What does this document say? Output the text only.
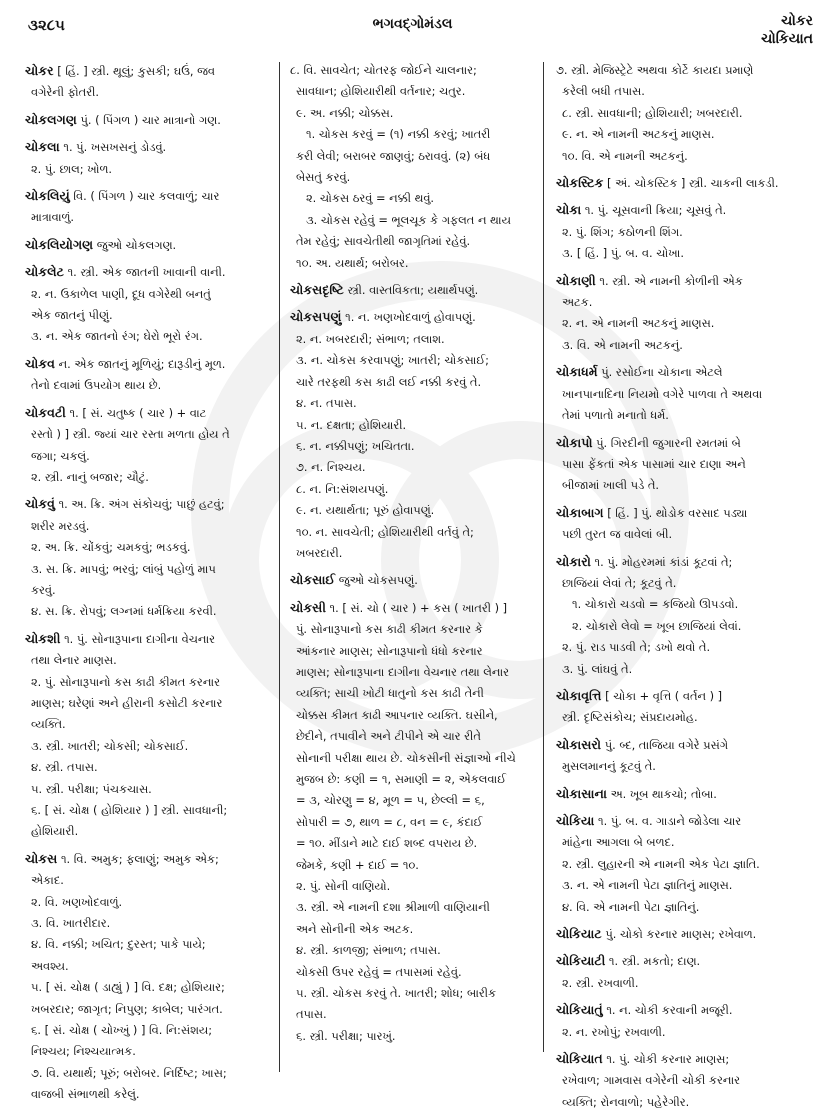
૩૨૮૫	ભગવદ્ગોમંડલ	ચોકર
ચોકિયાત
ચોકર [ હિં. ] સ્ત્રી. થૂલું; કુસકી; ઘઉં, જવ
વગેરેની ફોતરી.
ચોકલગણ પું. ( પિંગળ ) ચાર માત્રાનો ગણ.
ચોકલા ૧. પું. ખસખસનું ડોડવું.
૨. પું. છાલ; ખોળ.
ચોકલિયું વિ. ( પિંગળ ) ચાર કલવાળું; ચાર
માત્રાવાળું.
ચોકલિયોગણ જુઓ ચોકલગણ.
ચોકલેટ ૧. સ્ત્રી. એક જાતની ખાવાની વાની.
૨. ન. ઉકાળેલ પાણી, દૂધ વગેરેથી બનતું
એક જાતનું પીણું.
૩. ન. એક જાતનો રંગ; ઘેરો ભૂરો રંગ.
ચોકવ ન. એક જાતનું મૂળિયું; દારૂડીનું મૂળ.
તેનો દવામાં ઉપયોગ થાય છે.
ચોકવટી ૧. [ સં. ચતુષ્ક ( ચાર ) + વાટ
રસ્તો ) ] સ્ત્રી. જ્યાં ચાર રસ્તા મળતા હોય તે
જગા; ચકલું.
૨. સ્ત્રી. નાનું બજાર; ચૌટું.
ચોકવું ૧. અ. ક્રિ. અંગ સંકોચવું; પાછું હટવું;
શરીર મરડવું.
૨. અ. ક્રિ. ચોંકવું; ચમકવું; ભડકવું.
૩. સ. ક્રિ. માપવું; ભરવું; લાંબું પહોળું માપ
કરવું.
૪. સ. ક્રિ. રોપવું; લગ્નમાં ધર્મક્રિયા કરવી.
ચોકશી ૧. પું. સોનારૂપાના દાગીના વેચનાર
તથા લેનાર માણસ.
૨. પું. સોનારૂપાનો કસ કાઢી કીમત કરનાર
માણસ; ઘરેણાં અને હીરાની કસોટી કરનાર
વ્યક્તિ.
૩. સ્ત્રી. ખાતરી; ચોકસી; ચોકસાઈ.
૪. સ્ત્રી. તપાસ.
૫. સ્ત્રી. પરીક્ષા; પંચકચાસ.
૬. [ સં. ચોક્ષ ( હોશિયાર ) ] સ્ત્રી. સાવધાની;
હોશિયારી.
ચોકસ ૧. વિ. અમુક; ફલાણું; અમુક એક;
એકાદ.
૨. વિ. ખણખોદવાળું.
૩. વિ. ખાતરીદાર.
૪. વિ. નક્કી; ખચિત; દુરસ્ત; પાકે પાયે;
અવશ્ય.
૫. [ સં. ચોક્ષ ( ડાહ્યું ) ] વિ. દક્ષ; હોશિયાર;
ખબરદાર; જાગૃત; નિપુણ; કાબેલ; પારંગત.
૬. [ સં. ચોક્ષ ( ચોખ્ખું ) ] વિ. નિ:સંશય;
નિશ્ચય; નિશ્ચયાત્મક.
૭. વિ. યથાર્થ; પૂરું; બરોબર. નિર્દિષ્ટ; ખાસ;
વાજબી સંભાળથી કરેલું.
૮. વિ. સાવચેત; ચોતરફ જોઈને ચાલનાર;
સાવધાન; હોશિયારીથી વર્તનાર; ચતુર.
૯. અ. નક્કી; ચોક્કસ.
૧. ચોકસ કરવું = (૧) નક્કી કરવું; ખાતરી
કરી લેવી; બરાબર જાણવું; ઠરાવવું. (૨) બંધ
બેસતું કરવું.
૨. ચોકસ ઠરવું = નક્કી થવું.
૩. ચોકસ રહેવું = ભૂલચૂક કે ગફલત ન થાય
તેમ રહેવું; સાવચેતીથી જાગૃતિમાં રહેવું.
૧૦. અ. યથાર્થ; બરોબર.
ચોકસદૃષ્ટિ સ્ત્રી. વાસ્તવિકતા; યથાર્થપણું.
ચોકસપણું ૧. ન. ખણખોદવાળું હોવાપણું.
૨. ન. ખબરદારી; સંભાળ; તલાશ.
૩. ન. ચોકસ કરવાપણું; ખાતરી; ચોકસાઈ;
ચારે તરફથી કસ કાઢી લઈ નક્કી કરવું તે.
૪. ન. તપાસ.
૫. ન. દક્ષતા; હોશિયારી.
૬. ન. નક્કીપણું; ખચિતતા.
૭. ન. નિશ્ચય.
૮. ન. નિ:સંશયપણું.
૯. ન. યથાર્થતા; પૂરું હોવાપણું.
૧૦. ન. સાવચેતી; હોશિયારીથી વર્તવું તે;
ખબરદારી.
ચોકસાઈ જુઓ ચોકસપણું.
ચોકસી ૧. [ સં. ચો ( ચાર ) + કસ ( ખાતરી ) ]
પું. સોનારૂપાનો કસ કાઢી કીમત કરનાર કે
આંકનાર માણસ; સોનારૂપાનો ધંધો કરનાર
માણસ; સોનારૂપાના દાગીના વેચનાર તથા લેનાર
વ્યક્તિ; સાચી ખોટી ધાતુનો કસ કાઢી તેની
ચોક્કસ કીમત કાઢી આપનાર વ્યક્તિ. ઘસીને,
છેદીને, તપાવીને અને ટીપીને એ ચાર રીતે
સોનાની પરીક્ષા થાય છે. ચોકસીની સંજ્ઞાઓ નીચે
મુજબ છે: કણી = ૧, સમાણી = ૨, એકલવાઈ
= ૩, ચોરણુ = ૪, મૂળ = ૫, છેલ્લી = ૬,
સોપારી = ૭, થાળ = ૮, વન = ૯, કંદાઈ
= ૧૦. મીંડાને માટે દાઈ શબ્દ વપરાય છે.
જેમકે, કણી + દાઈ = ૧૦.
૨. પું. સોની વાણિયો.
૩. સ્ત્રી. એ નામની દશા શ્રીમાળી વાણિયાની
અને સોનીની એક અટક.
૪. સ્ત્રી. કાળજી; સંભાળ; તપાસ.
ચોકસી ઉપર રહેવું = તપાસમાં રહેવું.
૫. સ્ત્રી. ચોકસ કરવું તે. ખાતરી; શોધ; બારીક
તપાસ.
૬. સ્ત્રી. પરીક્ષા; પારખું.
૭. સ્ત્રી. મેજિસ્ટ્રેટે અથવા કોર્ટે કાયદા પ્રમાણે
કરેલી બધી તપાસ.
૮. સ્ત્રી. સાવધાની; હોશિયારી; ખબરદારી.
૯. ન. એ નામની અટકનું માણસ.
૧૦. વિ. એ નામની અટકનું.
ચોકસ્ટિક [ અં. ચોકસ્ટિક ] સ્ત્રી. ચાકની લાકડી.
ચોકા ૧. પું. ચૂસવાની ક્રિયા; ચૂસવું તે.
૨. પું. શિંગ; કઠોળની શિંગ.
૩. [ હિં. ] પું. બ. વ. ચોખા.
ચોકાણી ૧. સ્ત્રી. એ નામની કોળીની એક
અટક.
૨. ન. એ નામની અટકનું માણસ.
૩. વિ. એ નામની અટકનું.
ચોકાધર્મ પું. રસોઈના ચોકાના એટલે
ખાનપાનાદિના નિયમો વગેરે પાળવા તે અથવા
તેમાં પળાતો મનાતો ધર્મ.
ચોકાપો પું. ગિરદીની જુગારની રમતમાં બે
પાસા ફેંકતાં એક પાસામાં ચાર દાણા અને
બીજામાં ખાલી પડે તે.
ચોકાબાગ [ હિં. ] પું. થોડોક વરસાદ પડ્યા
પછી તુરત જ વાવેલાં બી.
ચોકારો ૧. પું. મોહરમમાં કાંડાં કૂટવાં તે;
છાજિયાં લેવાં તે; કૂટવું તે.
૧. ચોકારો ચડવો = કજિયો ઊપડવો.
૨. ચોકારો લેવો = ખૂબ છાજિયાં લેવાં.
૨. પું. રાડ પાડવી તે; ડખો થવો તે.
૩. પું. લાંઘવું તે.
ચોકાવૃત્તિ [ ચોકા + વૃત્તિ ( વર્તન ) ]
સ્ત્રી. દૃષ્ટિસંકોચ; સંપ્રદાયમોહ.
ચોકાસરો પું. બ્દ, તાજિયા વગેરે પ્રસંગે
મુસલમાનનું કૂટવું તે.
ચોકાસાના અ. ખૂબ થાકચો; તોબા.
ચોકિયા ૧. પું. બ. વ. ગાડાને જોડેલા ચાર
માંહેના આગલા બે બળદ.
૨. સ્ત્રી. લુહારની એ નામની એક પેટા જ્ઞાતિ.
૩. ન. એ નામની પેટા જ્ઞાતિનું માણસ.
૪. વિ. એ નામની પેટા જ્ઞાતિનું.
ચોકિયાટ પું. ચોકો કરનાર માણસ; રખેવાળ.
ચોકિયાટી ૧. સ્ત્રી. મકતો; દાણ.
૨. સ્ત્રી. રખવાળી.
ચોકિયાતું ૧. ન. ચોકી કરવાની મજૂરી.
૨. ન. રખોપું; રખવાળી.
ચોકિયાત ૧. પું. ચોકી કરનાર માણસ;
રખેવાળ; ગામવાસ વગેરેની ચોકી કરનાર
વ્યક્તિ; રોનવાળો; પહેરેગીર.
